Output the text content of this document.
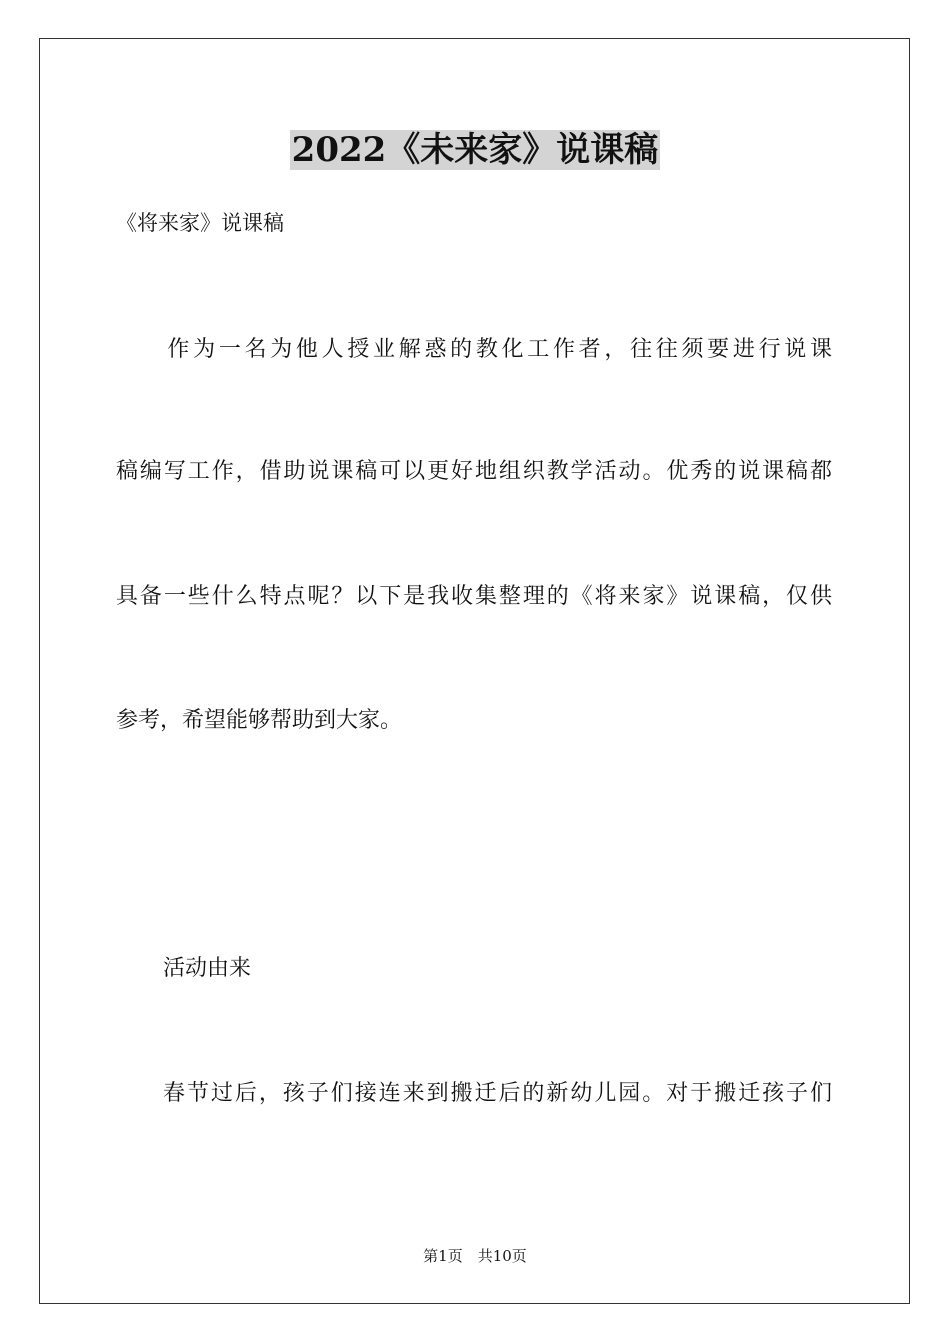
2022《未来家》说课稿
《将来家》说课稿
　　作为一名为他人授业解惑的教化工作者，往往须要进行说课
稿编写工作，借助说课稿可以更好地组织教学活动。优秀的说课稿都
具备一些什么特点呢？以下是我收集整理的《将来家》说课稿，仅供
参考，希望能够帮助到大家。
活动由来
春节过后，孩子们接连来到搬迁后的新幼儿园。对于搬迁孩子们
第1页　共10页
